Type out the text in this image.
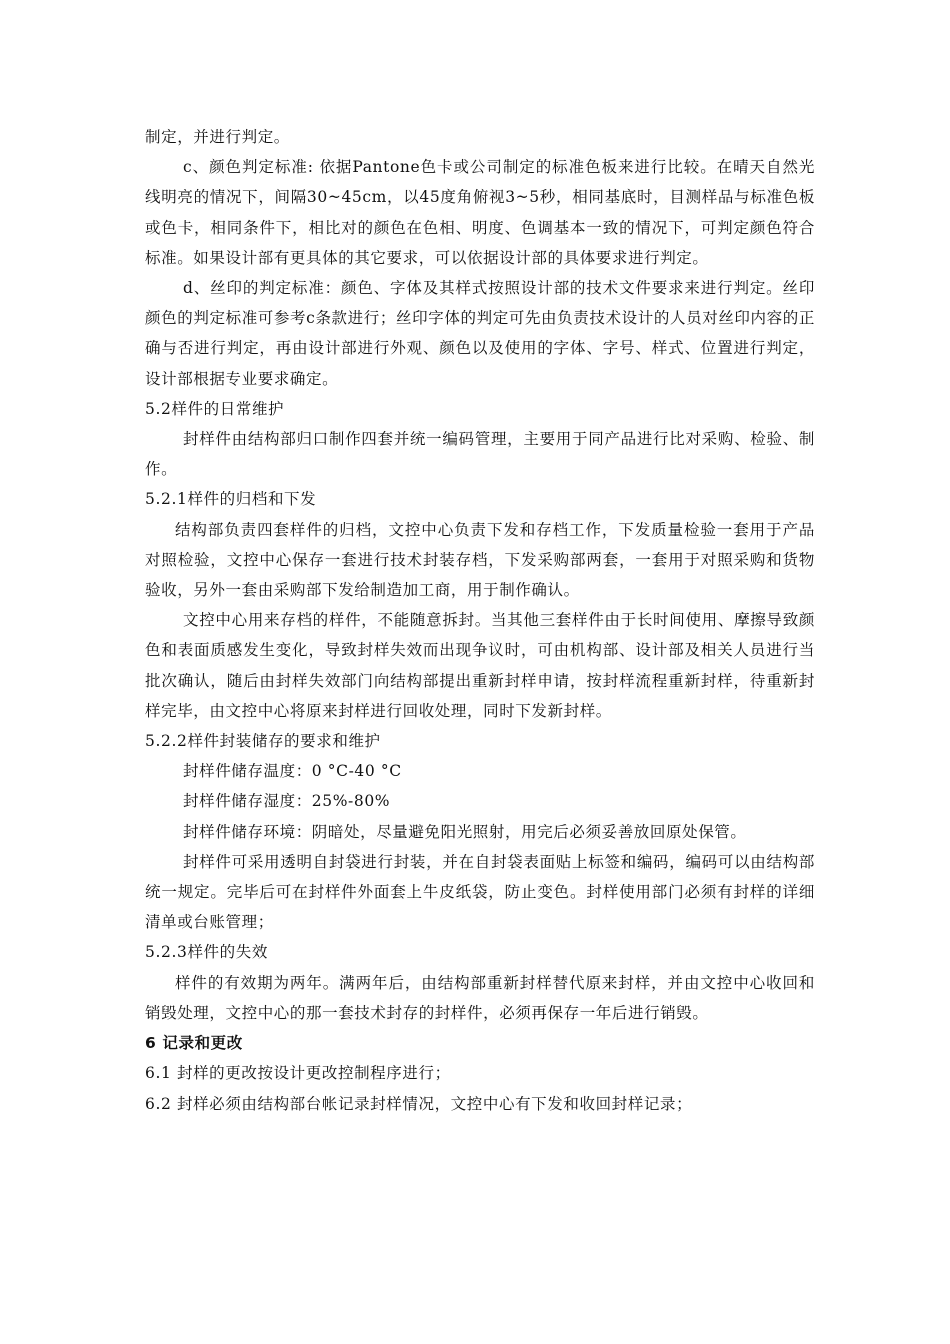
制定，并进行判定。

c、颜色判定标准: 依据Pantone色卡或公司制定的标准色板来进行比较。在晴天自然光线明亮的情况下，间隔30~45cm，以45度角俯视3~5秒，相同基底时，目测样品与标准色板或色卡，相同条件下，相比对的颜色在色相、明度、色调基本一致的情况下，可判定颜色符合标准。如果设计部有更具体的其它要求，可以依据设计部的具体要求进行判定。

d、丝印的判定标准：颜色、字体及其样式按照设计部的技术文件要求来进行判定。丝印颜色的判定标准可参考c条款进行；丝印字体的判定可先由负责技术设计的人员对丝印内容的正确与否进行判定，再由设计部进行外观、颜色以及使用的字体、字号、样式、位置进行判定，设计部根据专业要求确定。

5.2样件的日常维护

封样件由结构部归口制作四套并统一编码管理，主要用于同产品进行比对采购、检验、制作。

5.2.1样件的归档和下发

结构部负责四套样件的归档，文控中心负责下发和存档工作，下发质量检验一套用于产品对照检验，文控中心保存一套进行技术封装存档，下发采购部两套，一套用于对照采购和货物验收，另外一套由采购部下发给制造加工商，用于制作确认。

文控中心用来存档的样件，不能随意拆封。当其他三套样件由于长时间使用、摩擦导致颜色和表面质感发生变化，导致封样失效而出现争议时，可由机构部、设计部及相关人员进行当批次确认，随后由封样失效部门向结构部提出重新封样申请，按封样流程重新封样，待重新封样完毕，由文控中心将原来封样进行回收处理，同时下发新封样。

5.2.2样件封装储存的要求和维护

封样件储存温度：0 °C-40 °C

封样件储存湿度：25%-80%

封样件储存环境：阴暗处，尽量避免阳光照射，用完后必须妥善放回原处保管。

封样件可采用透明自封袋进行封装，并在自封袋表面贴上标签和编码，编码可以由结构部统一规定。完毕后可在封样件外面套上牛皮纸袋，防止变色。封样使用部门必须有封样的详细清单或台账管理；

5.2.3样件的失效

样件的有效期为两年。满两年后，由结构部重新封样替代原来封样，并由文控中心收回和销毁处理，文控中心的那一套技术封存的封样件，必须再保存一年后进行销毁。

6 记录和更改

6.1 封样的更改按设计更改控制程序进行；

6.2 封样必须由结构部台帐记录封样情况，文控中心有下发和收回封样记录；
